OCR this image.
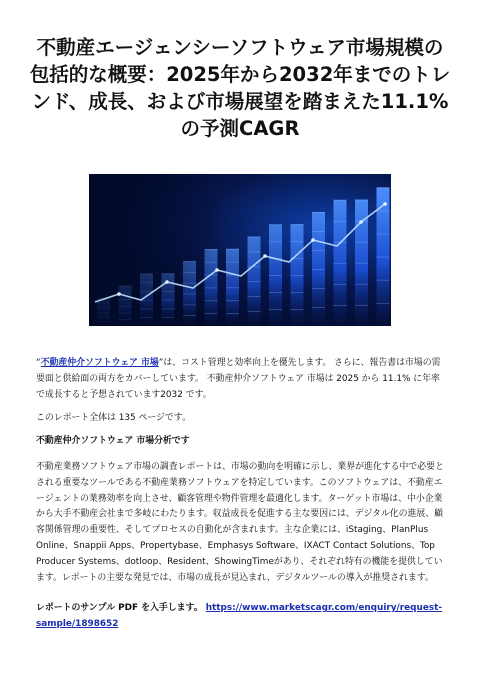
不動産エージェンシーソフトウェア市場規模の包括的な概要：2025年から2032年までのトレンド、成長、および市場展望を踏まえた11.1%の予測CAGR

“不動産仲介ソフトウェア 市場”は、コスト管理と効率向上を優先します。 さらに、報告書は市場の需要面と供給面の両方をカバーしています。 不動産仲介ソフトウェア 市場は 2025 から 11.1% に年率で成長すると予想されています2032 です。

このレポート全体は 135 ページです。

不動産仲介ソフトウェア 市場分析です

不動産業務ソフトウェア市場の調査レポートは、市場の動向を明確に示し、業界が進化する中で必要とされる重要なツールである不動産業務ソフトウェアを特定しています。このソフトウェアは、不動産エージェントの業務効率を向上させ、顧客管理や物件管理を最適化します。ターゲット市場は、中小企業から大手不動産会社まで多岐にわたります。収益成長を促進する主な要因には、デジタル化の進展、顧客関係管理の重要性、そしてプロセスの自動化が含まれます。主な企業には、iStaging、PlanPlus Online、Snappii Apps、Propertybase、Emphasys Software、IXACT Contact Solutions、Top Producer Systems、dotloop、Resident、ShowingTimeがあり、それぞれ特有の機能を提供しています。レポートの主要な発見では、市場の成長が見込まれ、デジタルツールの導入が推奨されます。

レポートのサンプル PDF を入手します。 https://www.marketscagr.com/enquiry/request-sample/1898652
